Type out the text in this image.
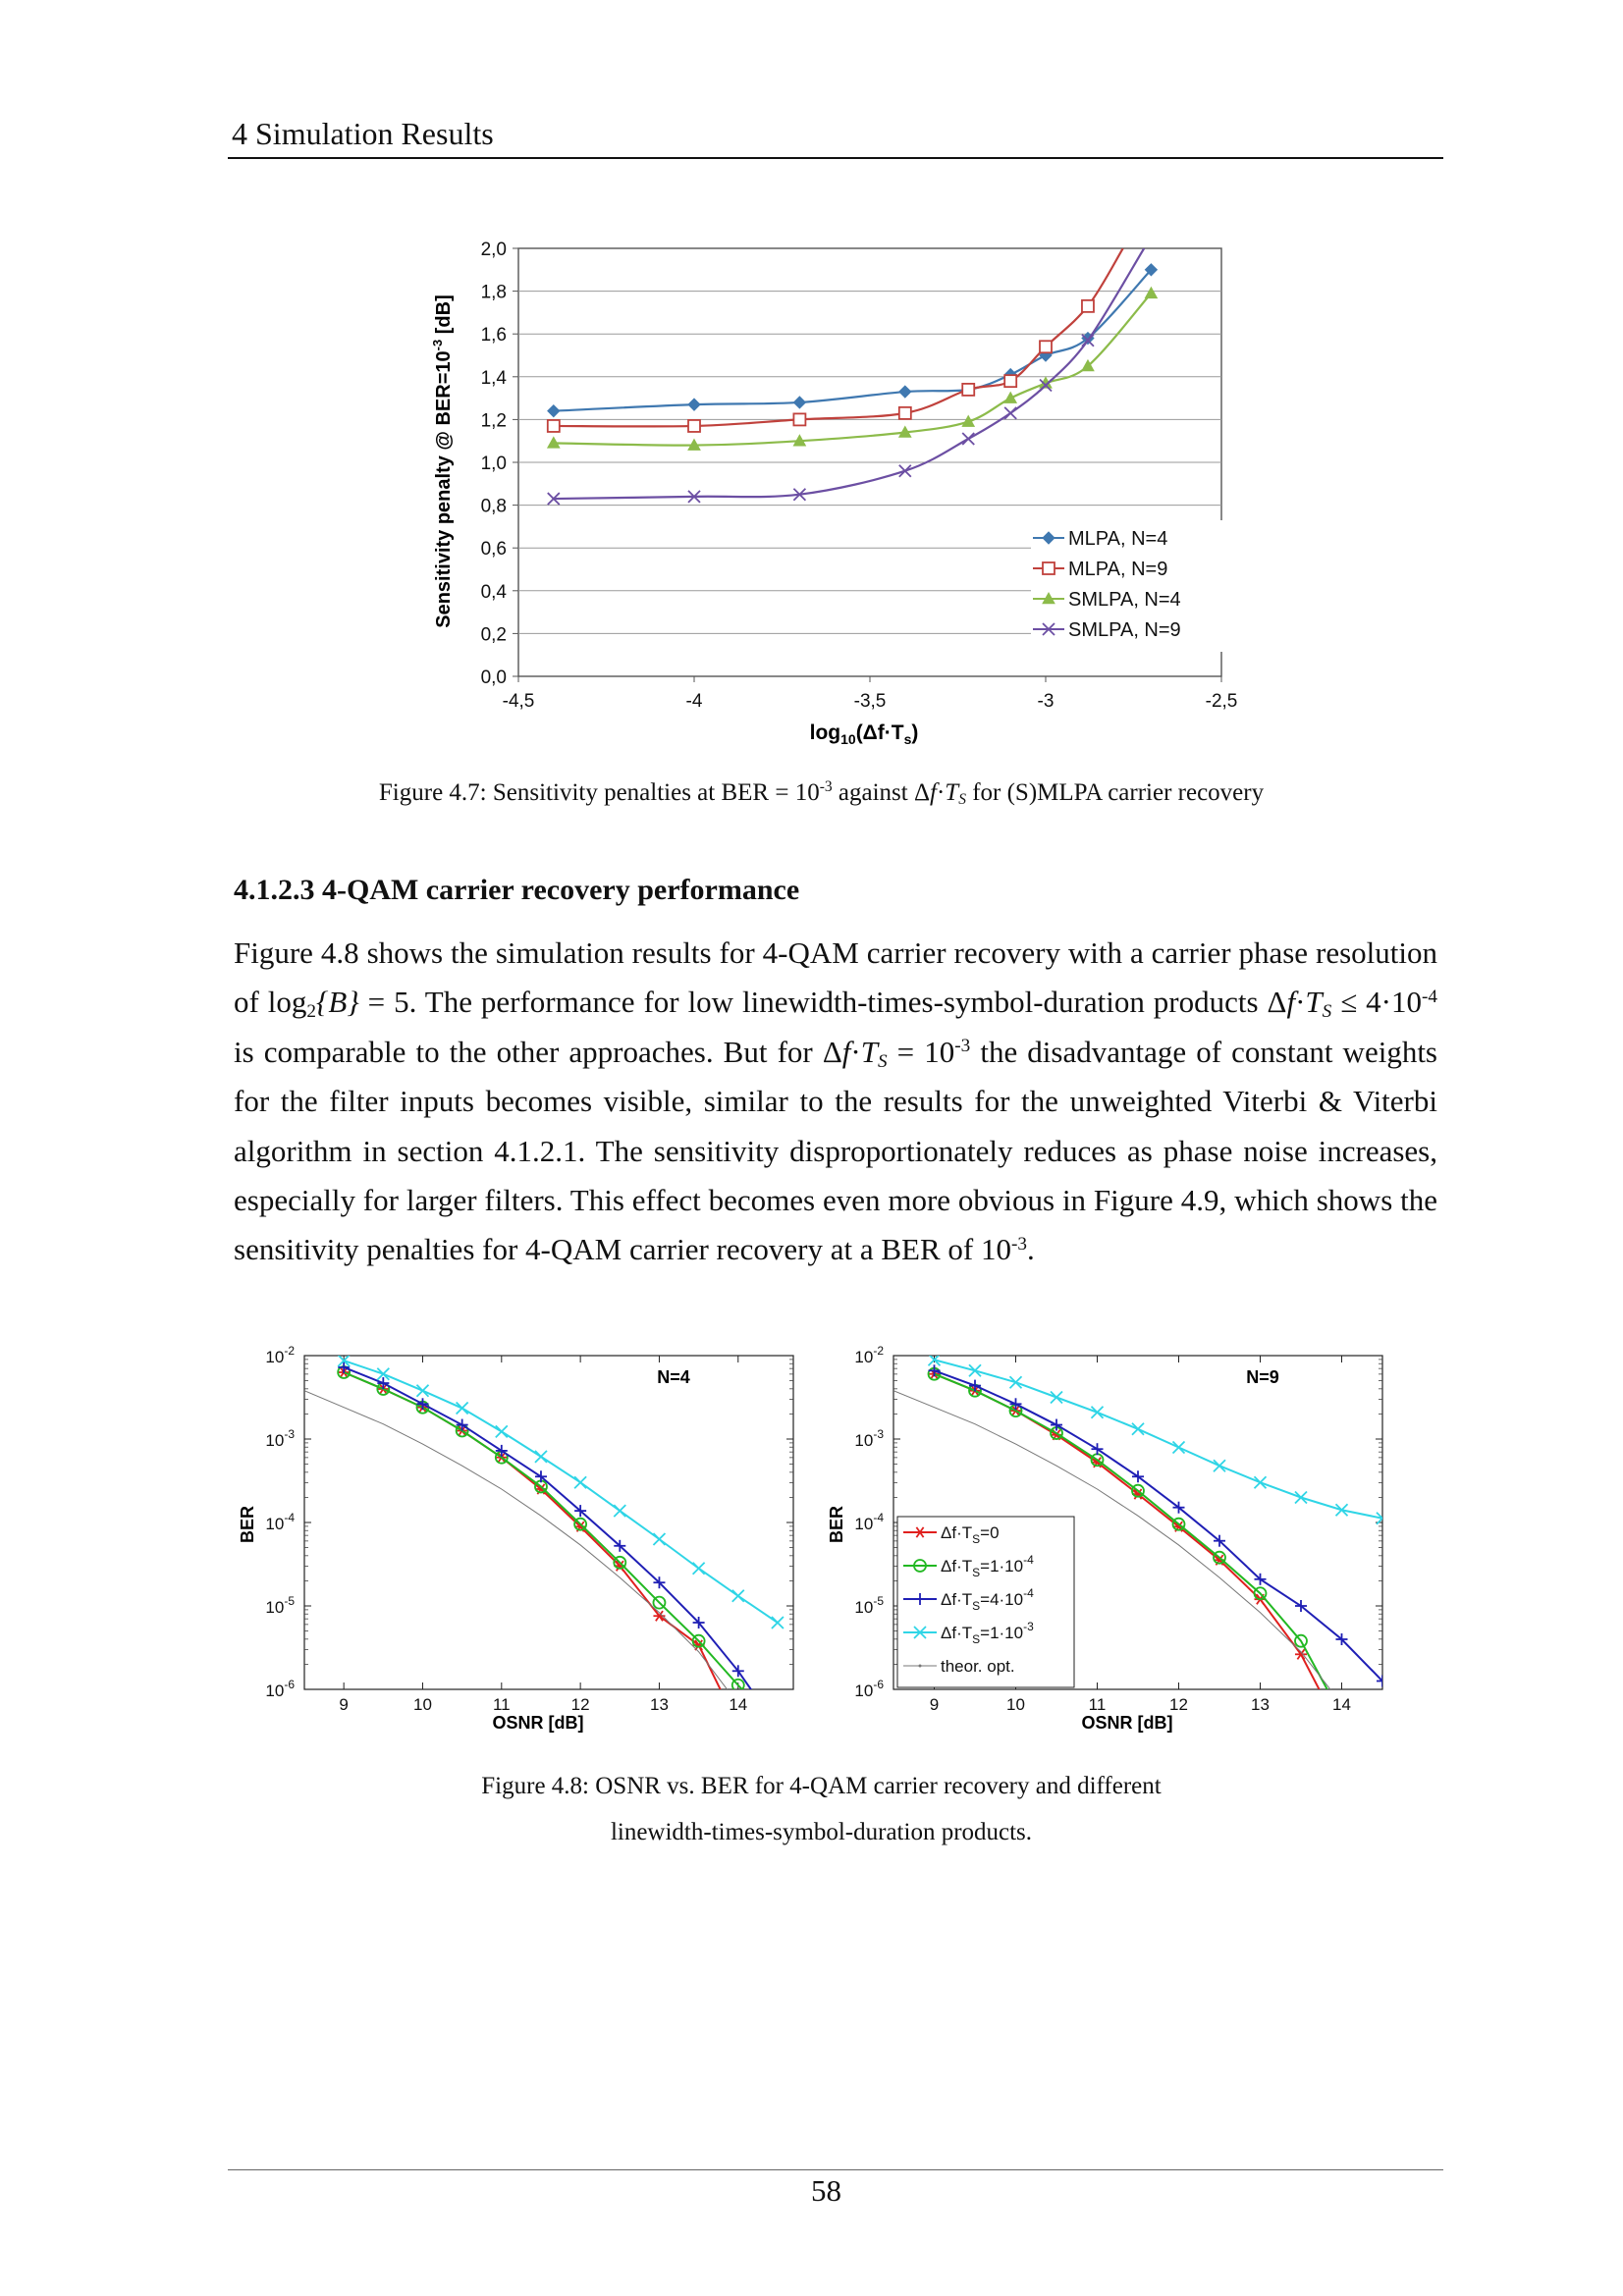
4 Simulation Results
0,0
0,2
0,4
0,6
0,8
1,0
1,2
1,4
1,6
1,8
2,0
-4,5	-4	-3,5	-3	-2,5
$\log_{10}(\Delta f\cdot T_s)$
Sensitivity penalty @ $BER=10^{-3}$ [dB]
MLPA, N=4
MLPA, N=9
SMLPA, N=4
SMLPA, N=9
Figure 4.7: Sensitivity penalties at BER = $10^{-3}$ against $\Delta f\cdot T_S$ for (S)MLPA carrier recovery
4.1.2.3 4-QAM carrier recovery performance

Figure 4.8 shows the simulation results for 4-QAM carrier recovery with a carrier phase resolution of $\log_2\{B\} = 5$. The performance for low linewidth-times-symbol-duration products $\Delta f\cdot T_S \le 4\cdot 10^{-4}$ is comparable to the other approaches. But for $\Delta f\cdot T_S = 10^{-3}$ the disadvantage of constant weights for the filter inputs becomes visible, similar to the results for the unweighted Viterbi & Viterbi algorithm in section 4.1.2.1. The sensitivity disproportionately reduces as phase noise increases, especially for larger filters. This effect becomes even more obvious in Figure 4.9, which shows the sensitivity penalties for 4-QAM carrier recovery at a BER of $10^{-3}$.

$10^{-2}$
$10^{-3}$
$10^{-4}$
$10^{-5}$
$10^{-6}$
9	10	11	12	13	14
N=4
OSNR [dB]
BER
$10^{-2}$
$10^{-3}$
$10^{-4}$
$10^{-5}$
$10^{-6}$
9	10	11	12	13	14
N=9
OSNR [dB]
BER	$\Delta f\cdot T_S=0$
$\Delta f\cdot T_S=1\cdot 10^{-4}$
$\Delta f\cdot T_S=4\cdot 10^{-4}$
$\Delta f\cdot T_S=1\cdot 10^{-3}$
theor. opt.
Figure 4.8: OSNR vs. BER for 4-QAM carrier recovery and different
linewidth-times-symbol-duration products.
58
